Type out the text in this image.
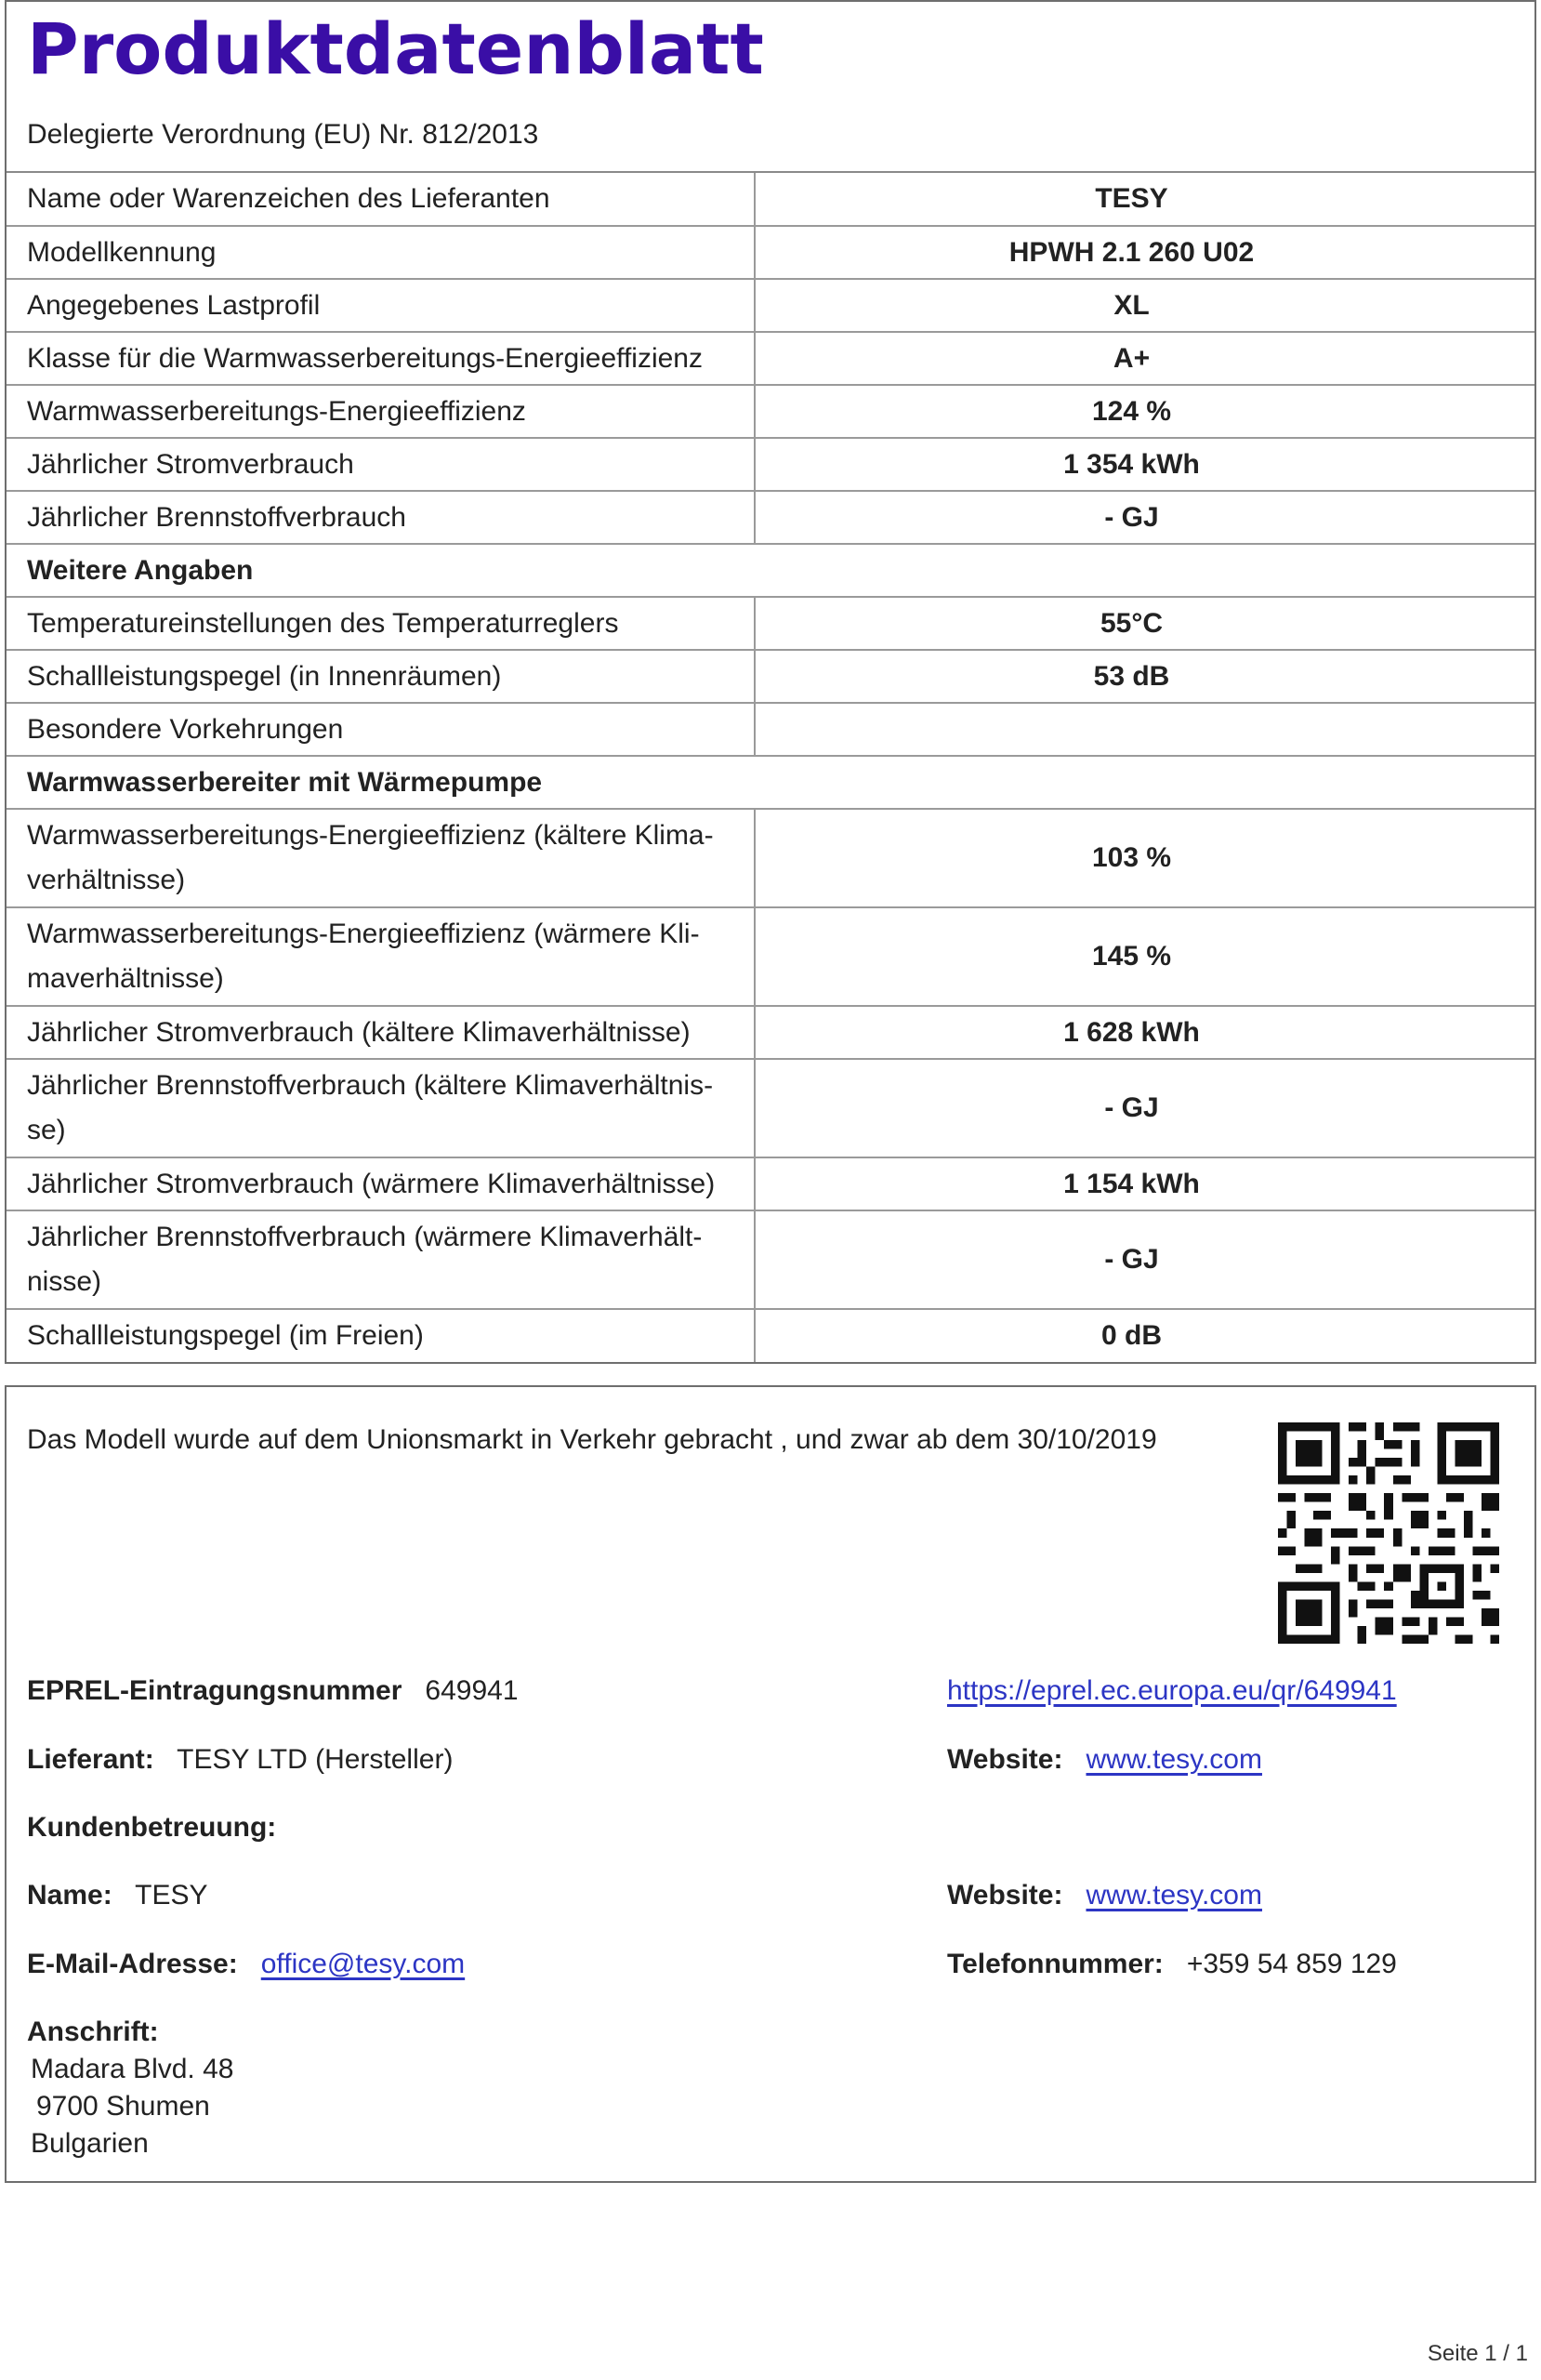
Produktdatenblatt
Delegierte Verordnung (EU) Nr. 812/2013
Name oder Warenzeichen des Lieferanten	TESY
Modellkennung	HPWH 2.1 260 U02
Angegebenes Lastprofil	XL
Klasse für die Warmwasserbereitungs-Energieeffizienz	A+
Warmwasserbereitungs-Energieeffizienz	124 %
Jährlicher Stromverbrauch	1 354 kWh
Jährlicher Brennstoffverbrauch	- GJ
Weitere Angaben	
Temperatureinstellungen des Temperaturreglers	55°C
Schallleistungspegel (in Innenräumen)	53 dB
Besondere Vorkehrungen	
Warmwasserbereiter mit Wärmepumpe	
Warmwasserbereitungs-Energieeffizienz (kältere Klima-verhältnisse)	103 %
Warmwasserbereitungs-Energieeffizienz (wärmere Kli-maverhältnisse)	145 %
Jährlicher Stromverbrauch (kältere Klimaverhältnisse)	1 628 kWh
Jährlicher Brennstoffverbrauch (kältere Klimaverhältnis-se)	- GJ
Jährlicher Stromverbrauch (wärmere Klimaverhältnisse)	1 154 kWh
Jährlicher Brennstoffverbrauch (wärmere Klimaverhält-nisse)	- GJ
Schallleistungspegel (im Freien)	0 dB
Das Modell wurde auf dem Unionsmarkt in Verkehr gebracht , und zwar ab dem 30/10/2019
EPREL-Eintragungsnummer 649941	https://eprel.ec.europa.eu/qr/649941
Lieferant: TESY LTD (Hersteller)	Website: www.tesy.com
Kundenbetreuung:
Name: TESY	Website: www.tesy.com
E-Mail-Adresse: office@tesy.com	Telefonnummer: +359 54 859 129
Anschrift:
Madara Blvd. 48
9700 Shumen
Bulgarien
Seite 1 / 1
